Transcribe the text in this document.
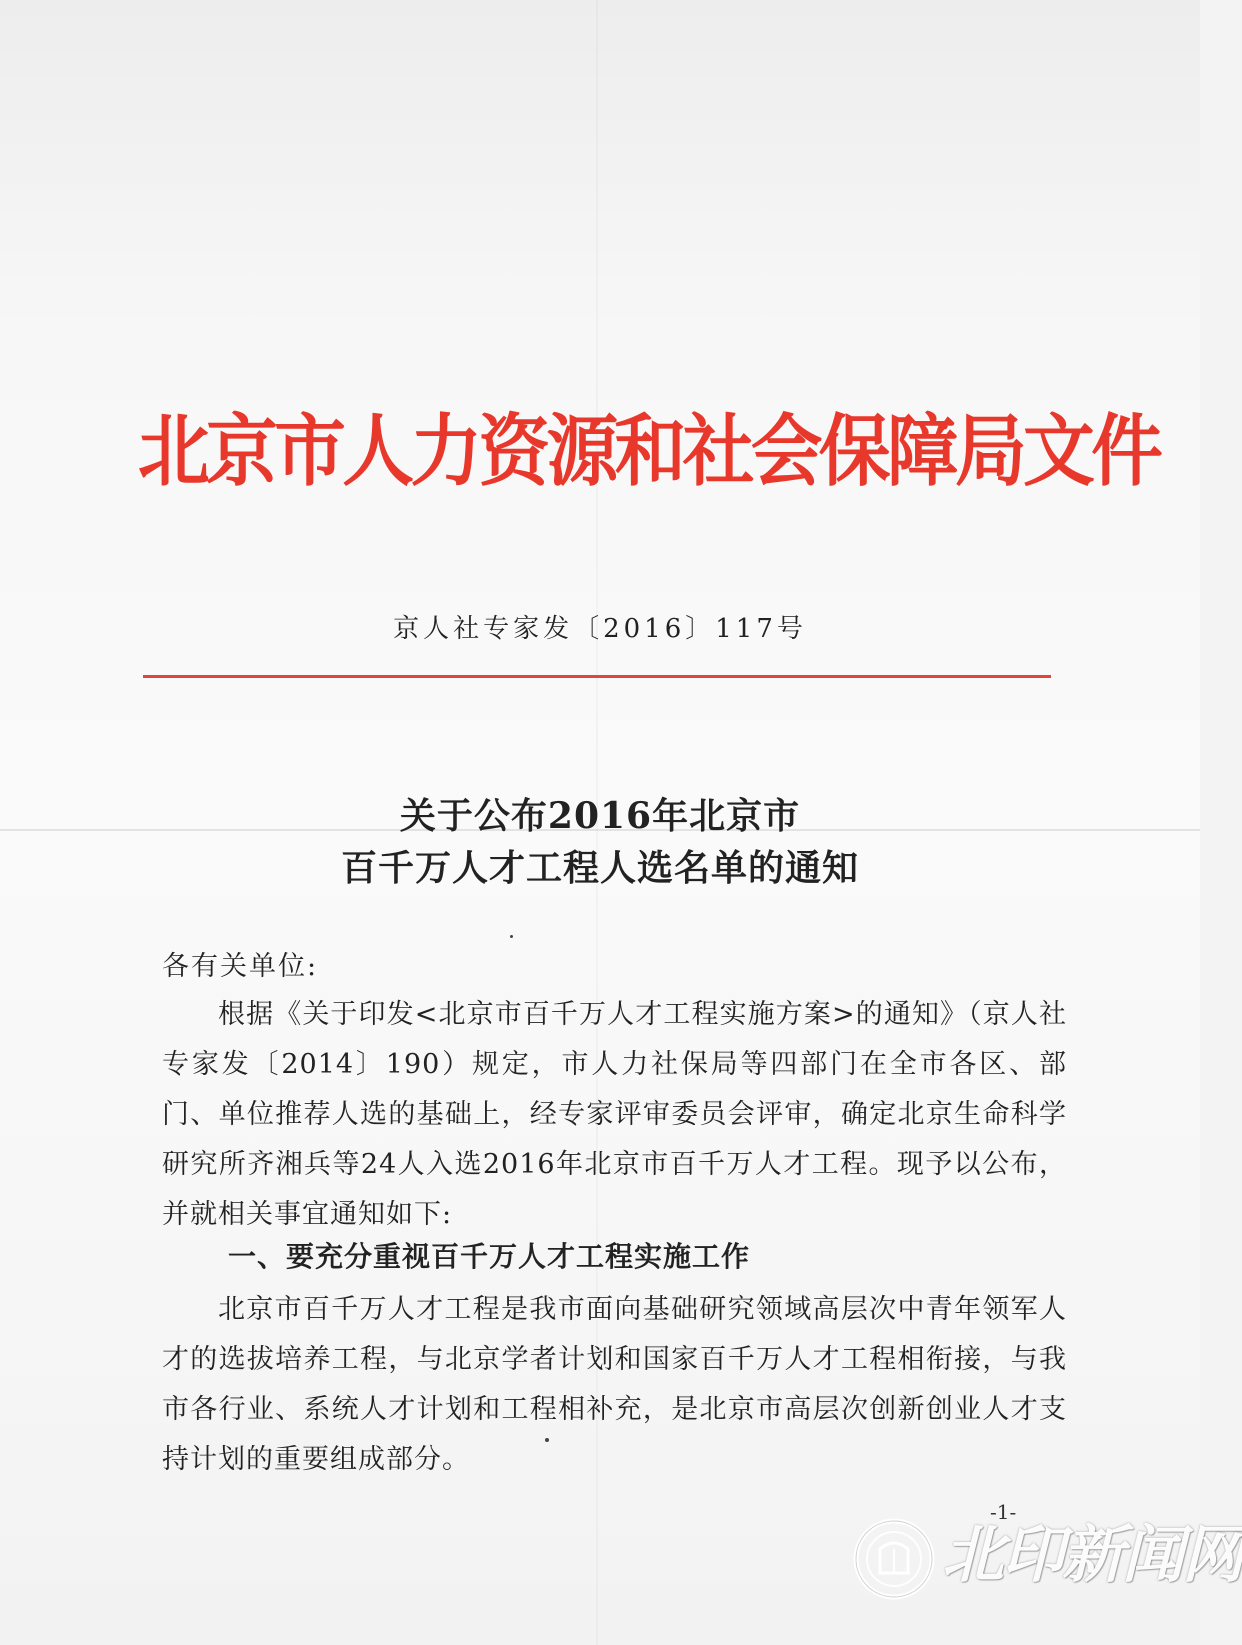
北京市人力资源和社会保障局文件
京人社专家发〔2016〕117号
关于公布2016年北京市
百千万人才工程人选名单的通知
各有关单位:

根据《关于印发<北京市百千万人才工程实施方案>的通知》（京人社专家发〔2014〕190）规定，市人力社保局等四部门在全市各区、部门、单位推荐人选的基础上，经专家评审委员会评审，确定北京生命科学研究所齐湘兵等24人入选2016年北京市百千万人才工程。现予以公布，并就相关事宜通知如下:

一、要充分重视百千万人才工程实施工作

北京市百千万人才工程是我市面向基础研究领域高层次中青年领军人才的选拔培养工程，与北京学者计划和国家百千万人才工程相衔接，与我市各行业、系统人才计划和工程相补充，是北京市高层次创新创业人才支持计划的重要组成部分。

-1-
北印新闻网
